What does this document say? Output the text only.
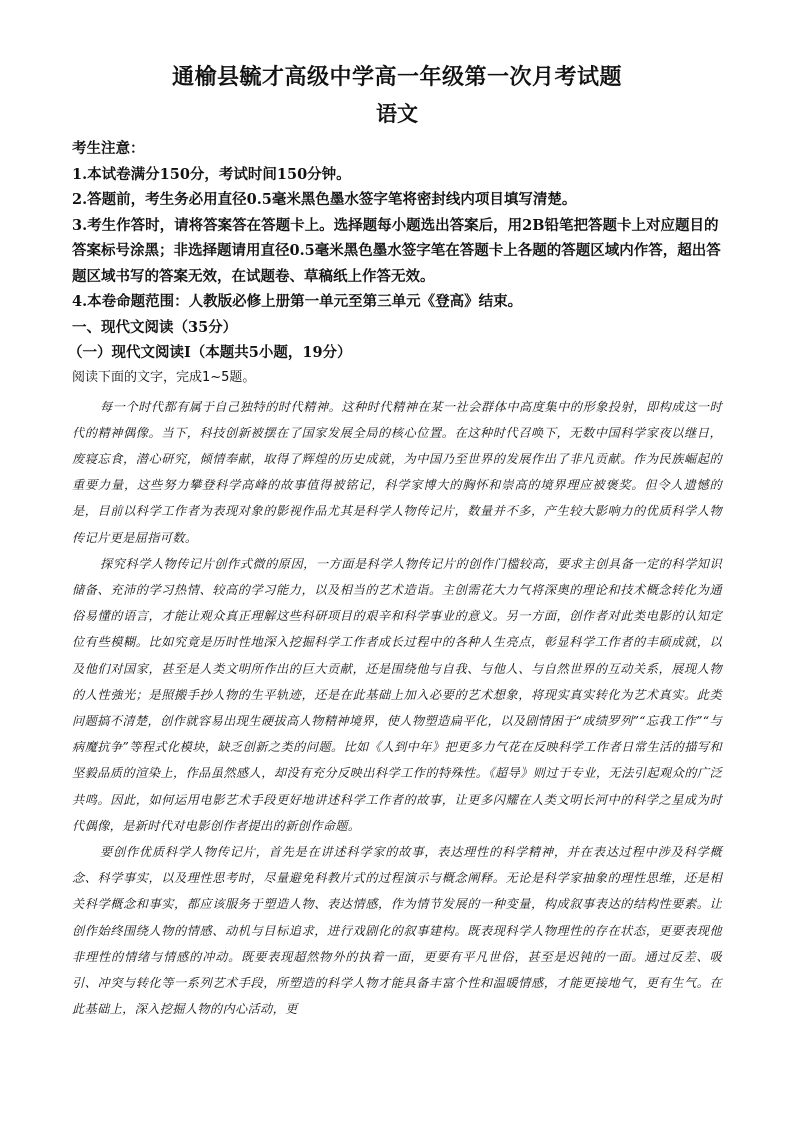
通榆县毓才高级中学高一年级第一次月考试题
语文

考生注意：

1.本试卷满分150分，考试时间150分钟。

2.答题前，考生务必用直径0.5毫米黑色墨水签字笔将密封线内项目填写清楚。

3.考生作答时，请将答案答在答题卡上。选择题每小题选出答案后，用2B铅笔把答题卡上对应题目的答案标号涂黑；非选择题请用直径0.5毫米黑色墨水签字笔在答题卡上各题的答题区域内作答，超出答题区域书写的答案无效，在试题卷、草稿纸上作答无效。

4.本卷命题范围：人教版必修上册第一单元至第三单元《登高》结束。

一、现代文阅读（35分）

（一）现代文阅读Ⅰ（本题共5小题，19分）

阅读下面的文字，完成1~5题。

每一个时代都有属于自己独特的时代精神。这种时代精神在某一社会群体中高度集中的形象投射，即构成这一时代的精神偶像。当下，科技创新被摆在了国家发展全局的核心位置。在这种时代召唤下，无数中国科学家夜以继日，废寝忘食，潜心研究，倾情奉献，取得了辉煌的历史成就，为中国乃至世界的发展作出了非凡贡献。作为民族崛起的重要力量，这些努力攀登科学高峰的故事值得被铭记，科学家博大的胸怀和崇高的境界理应被褒奖。但令人遗憾的是，目前以科学工作者为表现对象的影视作品尤其是科学人物传记片，数量并不多，产生较大影响力的优质科学人物传记片更是屈指可数。

探究科学人物传记片创作式微的原因，一方面是科学人物传记片的创作门槛较高，要求主创具备一定的科学知识储备、充沛的学习热情、较高的学习能力，以及相当的艺术造诣。主创需花大力气将深奥的理论和技术概念转化为通俗易懂的语言，才能让观众真正理解这些科研项目的艰辛和科学事业的意义。另一方面，创作者对此类电影的认知定位有些模糊。比如究竟是历时性地深入挖掘科学工作者成长过程中的各种人生亮点，彰显科学工作者的丰硕成就，以及他们对国家，甚至是人类文明所作出的巨大贡献，还是围绕他与自我、与他人、与自然世界的互动关系，展现人物的人性強光；是照搬手抄人物的生平轨迹，还是在此基础上加入必要的艺术想象，将现实真实转化为艺术真实。此类问题搞不清楚，创作就容易出现生硬拔高人物精神境界，使人物塑造扁平化，以及剧情困于“成绩罗列”“忘我工作”“与病魔抗争”等程式化模块，缺乏创新之类的问题。比如《人到中年》把更多力气花在反映科学工作者日常生活的描写和坚毅品质的渲染上，作品虽然感人，却没有充分反映出科学工作的特殊性。《超导》则过于专业，无法引起观众的广泛共鸣。因此，如何运用电影艺术手段更好地讲述科学工作者的故事，让更多闪耀在人类文明长河中的科学之星成为时代偶像，是新时代对电影创作者提出的新创作命题。

要创作优质科学人物传记片，首先是在讲述科学家的故事，表达理性的科学精神，并在表达过程中涉及科学概念、科学事实，以及理性思考时，尽量避免科教片式的过程演示与概念阐释。无论是科学家抽象的理性思维，还是相关科学概念和事实，都应该服务于塑造人物、表达情感，作为情节发展的一种变量，构成叙事表达的结构性要素。让创作始终围绕人物的情感、动机与目标追求，进行戏剧化的叙事建构。既表现科学人物理性的存在状态，更要表现他非理性的情绪与情感的冲动。既要表现超然物外的执着一面，更要有平凡世俗，甚至是迟钝的一面。通过反差、吸引、冲突与转化等一系列艺术手段，所塑造的科学人物才能具备丰富个性和温暖情感，才能更接地气，更有生气。在此基础上，深入挖掘人物的内心活动，更
